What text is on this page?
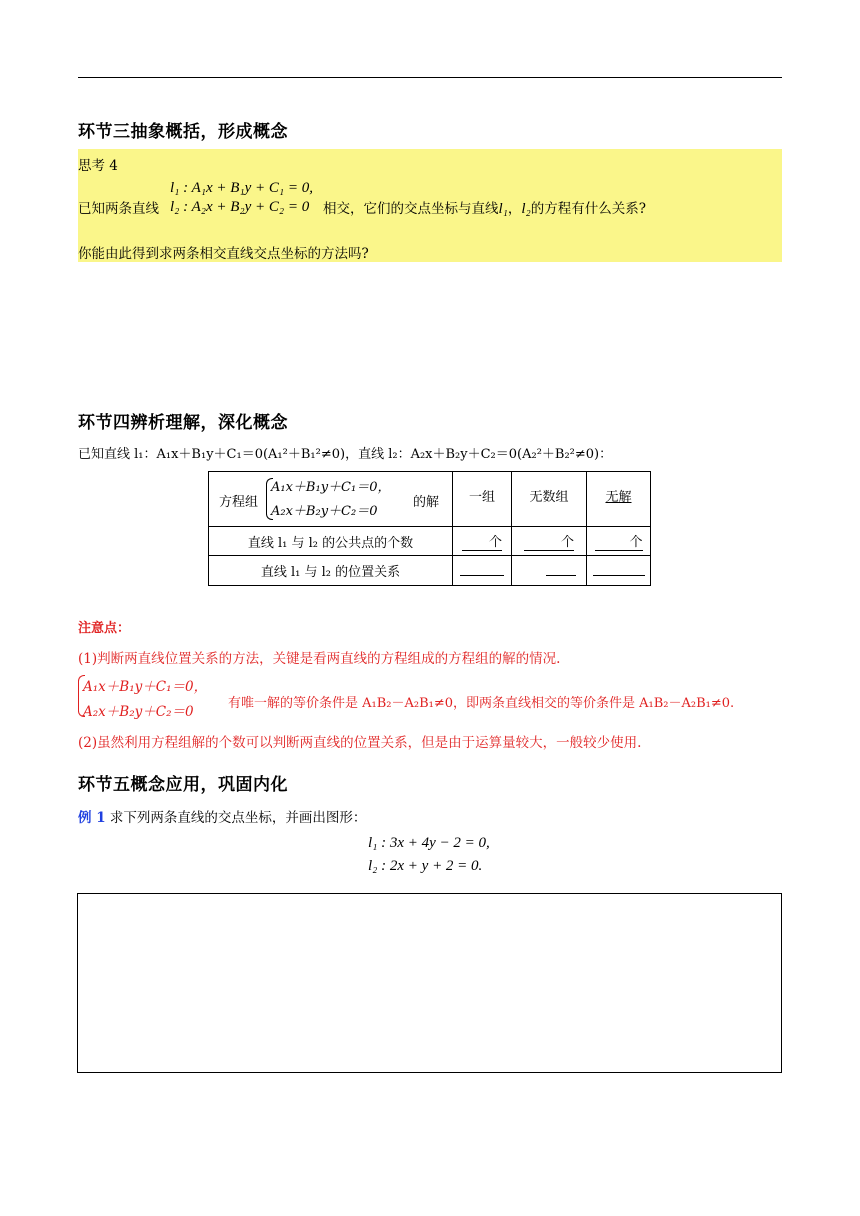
环节三抽象概括，形成概念
思考 4
已知两条直线
l₁ : A₁x + B₁y + C₁ = 0,
l₂ : A₂x + B₂y + C₂ = 0 相交，它们的交点坐标与直线l₁，l₂的方程有什么关系?
你能由此得到求两条相交直线交点坐标的方法吗?
环节四辨析理解，深化概念
已知直线 l₁：A₁x＋B₁y＋C₁＝0(A₁²＋B₁²≠0)，直线 l₂：A₂x＋B₂y＋C₂＝0(A₂²＋B₂²≠0)：
方程组
A₁x＋B₁y＋C₁＝0，
A₂x＋B₂y＋C₂＝0
的解	一组	无数组	无解
直线 l₁ 与 l₂ 的公共点的个数	个	个	个
直线 l₁ 与 l₂ 的位置关系			
注意点：
(1)判断两直线位置关系的方法，关键是看两直线的方程组成的方程组的解的情况.
A₁x＋B₁y＋C₁＝0，
A₂x＋B₂y＋C₂＝0
有唯一解的等价条件是 A₁B₂－A₂B₁≠0，即两条直线相交的等价条件是 A₁B₂－A₂B₁≠0.
(2)虽然利用方程组解的个数可以判断两直线的位置关系，但是由于运算量较大，一般较少使用.
环节五概念应用，巩固内化
例 1 求下列两条直线的交点坐标，并画出图形：
l₁ : 3x + 4y − 2 = 0,
l₂ : 2x + y + 2 = 0.
